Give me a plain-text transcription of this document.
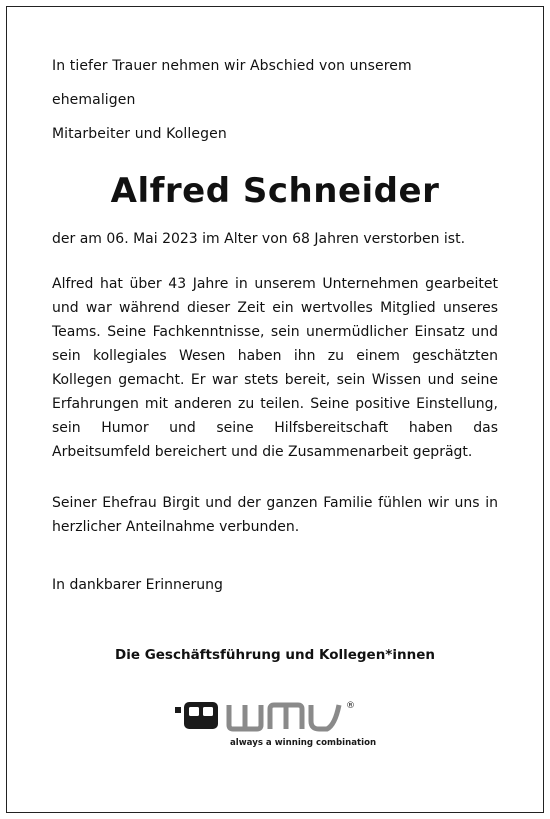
In tiefer Trauer nehmen wir Abschied von unserem ehemaligen

Mitarbeiter und Kollegen

Alfred Schneider

der am 06. Mai 2023 im Alter von 68 Jahren verstorben ist.

Alfred hat über 43 Jahre in unserem Unternehmen gearbeitet und war während dieser Zeit ein wertvolles Mitglied unseres Teams. Seine Fachkenntnisse, sein unermüdlicher Einsatz und sein kollegiales Wesen haben ihn zu einem geschätzten Kollegen gemacht. Er war stets bereit, sein Wissen und seine Erfahrungen mit anderen zu teilen. Seine positive Einstellung, sein Humor und seine Hilfsbereitschaft haben das Arbeitsumfeld bereichert und die Zusammenarbeit geprägt.

Seiner Ehefrau Birgit und der ganzen Familie fühlen wir uns in herzlicher Anteilnahme verbunden.

In dankbarer Erinnerung

Die Geschäftsführung und Kollegen*innen
®
always a winning combination
